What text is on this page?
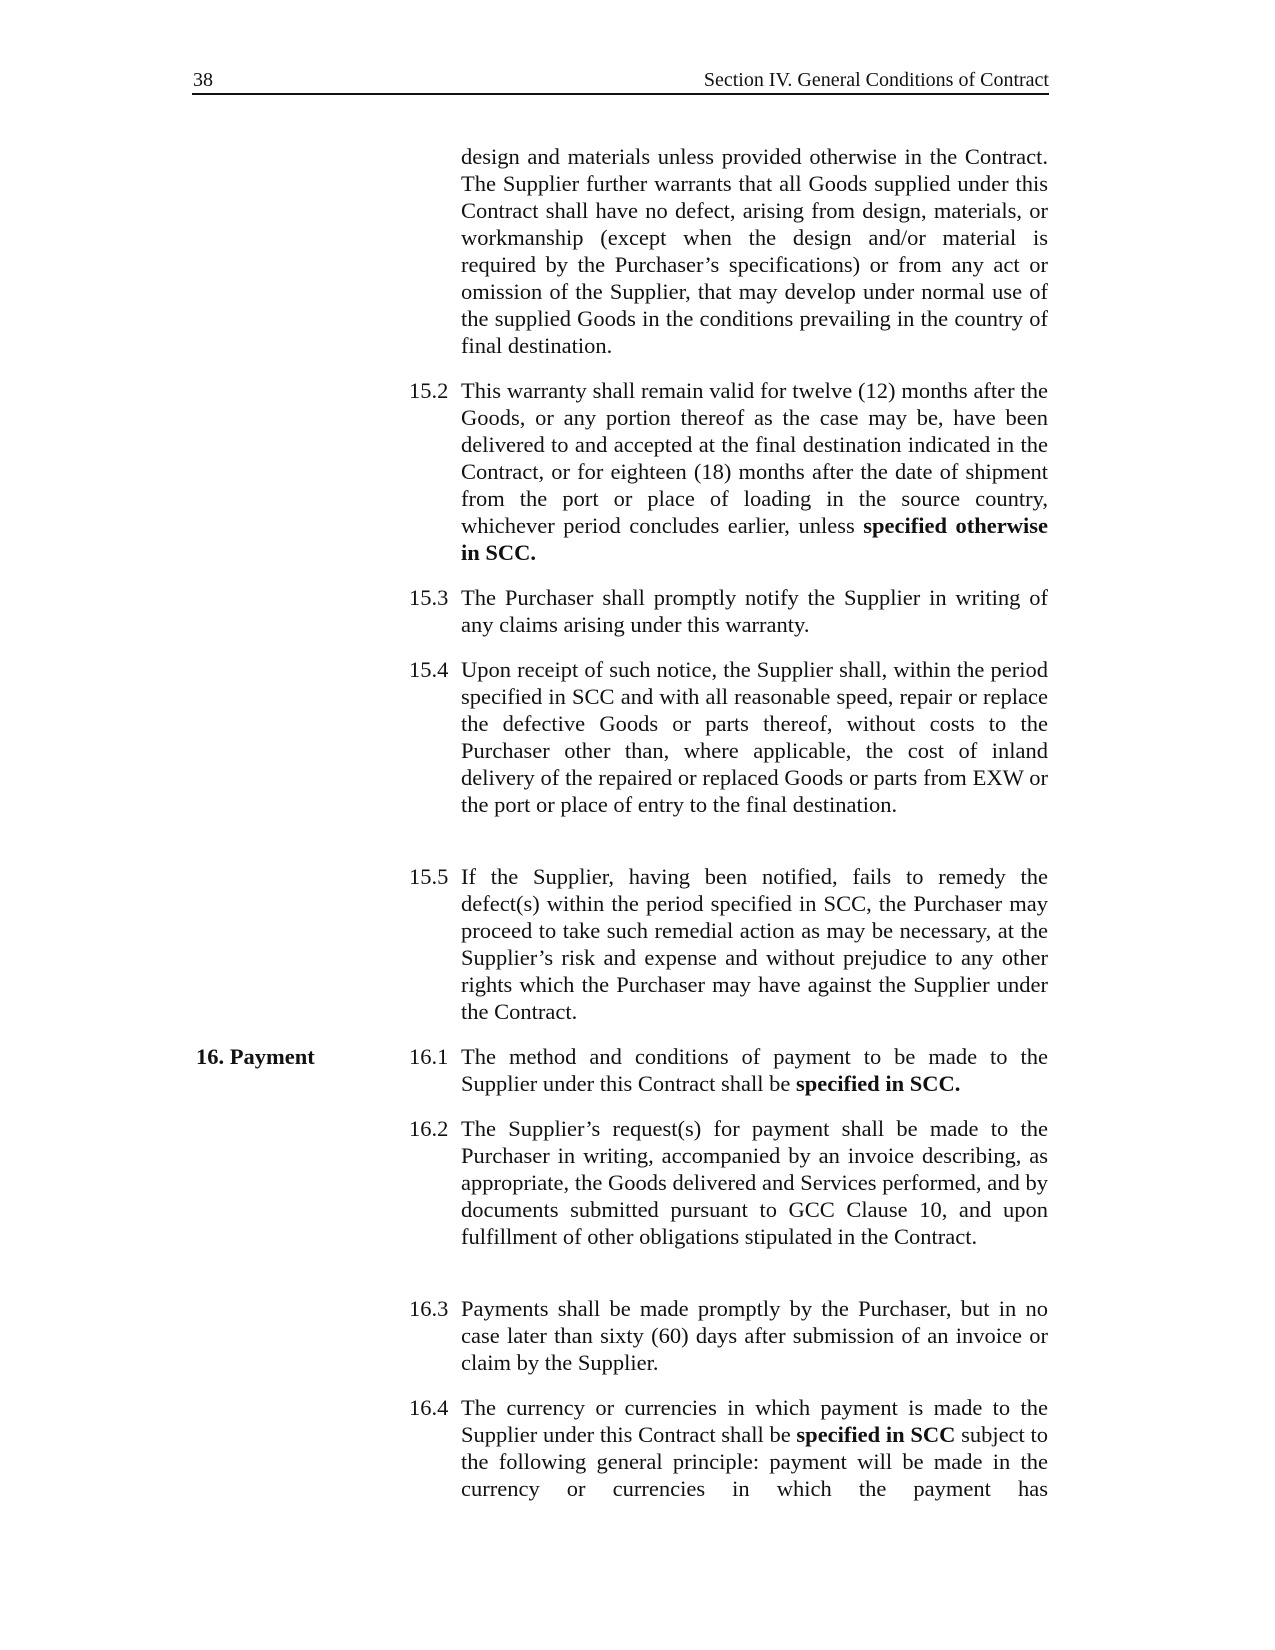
38	Section IV. General Conditions of Contract
design and materials unless provided otherwise in the Contract. The Supplier further warrants that all Goods supplied under this Contract shall have no defect, arising from design, materials, or workmanship (except when the design and/or material is required by the Purchaser’s specifications) or from any act or omission of the Supplier, that may develop under normal use of the supplied Goods in the conditions prevailing in the country of final destination.
15.2 This warranty shall remain valid for twelve (12) months after the Goods, or any portion thereof as the case may be, have been delivered to and accepted at the final destination indicated in the Contract, or for eighteen (18) months after the date of shipment from the port or place of loading in the source country, whichever period concludes earlier, unless specified otherwise in SCC.
15.3 The Purchaser shall promptly notify the Supplier in writing of any claims arising under this warranty.
15.4 Upon receipt of such notice, the Supplier shall, within the period specified in SCC and with all reasonable speed, repair or replace the defective Goods or parts thereof, without costs to the Purchaser other than, where applicable, the cost of inland delivery of the repaired or replaced Goods or parts from EXW or the port or place of entry to the final destination.
15.5 If the Supplier, having been notified, fails to remedy the defect(s) within the period specified in SCC, the Purchaser may proceed to take such remedial action as may be necessary, at the Supplier’s risk and expense and without prejudice to any other rights which the Purchaser may have against the Supplier under the Contract.
16. Payment	16.1 The method and conditions of payment to be made to the Supplier under this Contract shall be specified in SCC.
16.2 The Supplier’s request(s) for payment shall be made to the Purchaser in writing, accompanied by an invoice describing, as appropriate, the Goods delivered and Services performed, and by documents submitted pursuant to GCC Clause 10, and upon fulfillment of other obligations stipulated in the Contract.
16.3 Payments shall be made promptly by the Purchaser, but in no case later than sixty (60) days after submission of an invoice or claim by the Supplier.
16.4 The currency or currencies in which payment is made to the Supplier under this Contract shall be specified in SCC subject to the following general principle: payment will be made in the currency or currencies in which the payment has
